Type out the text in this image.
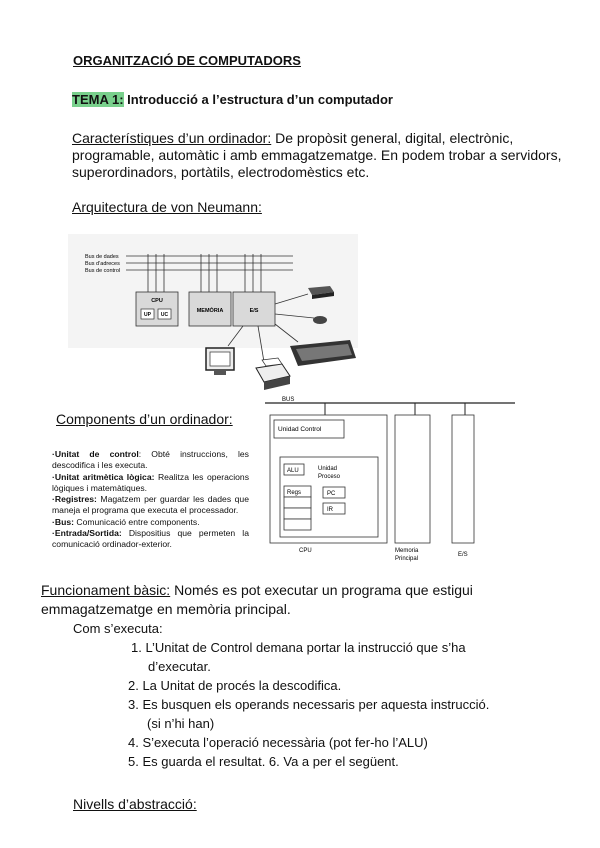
ORGANITZACIÓ DE COMPUTADORS
TEMA 1: Introducció a l’estructura d’un computador
Característiques d’un ordinador: De propòsit general, digital, electrònic, programable, automàtic i amb emmagatzematge. En podem trobar a servidors, superordinadors, portàtils, electrodomèstics etc.
Arquitectura de von Neumann:
Bus de dades
Bus d’adreces
Bus de control
CPU
UP UC
MEMÒRIA	E/S
Components d’un ordinador:
·Unitat de control: Obté instruccions, les descodifica i les executa.
·Unitat aritmètica lògica: Realitza les operacions lògiques i matemàtiques.
·Registres: Magatzem per guardar les dades que maneja el programa que executa el processador.
·Bus: Comunicació entre components.
·Entrada/Sortida: Dispositius que permeten la comunicació ordinador-exterior.
BUS
Unidad Control
ALU	Unidad
Proceso
Regs	PC
IR
CPU	Memoria
Principal
E/S
Funcionament bàsic: Només es pot executar un programa que estigui emmagatzematge en memòria principal.
Com s’executa:
1. L’Unitat de Control demana portar la instrucció que s’ha
d’executar.
2. La Unitat de procés la descodifica.
3. Es busquen els operands necessaris per aquesta instrucció.
(si n’hi han)
4. S’executa l’operació necessària (pot fer-ho l’ALU)
5. Es guarda el resultat. 6. Va a per el següent.
Nivells d’abstracció:
